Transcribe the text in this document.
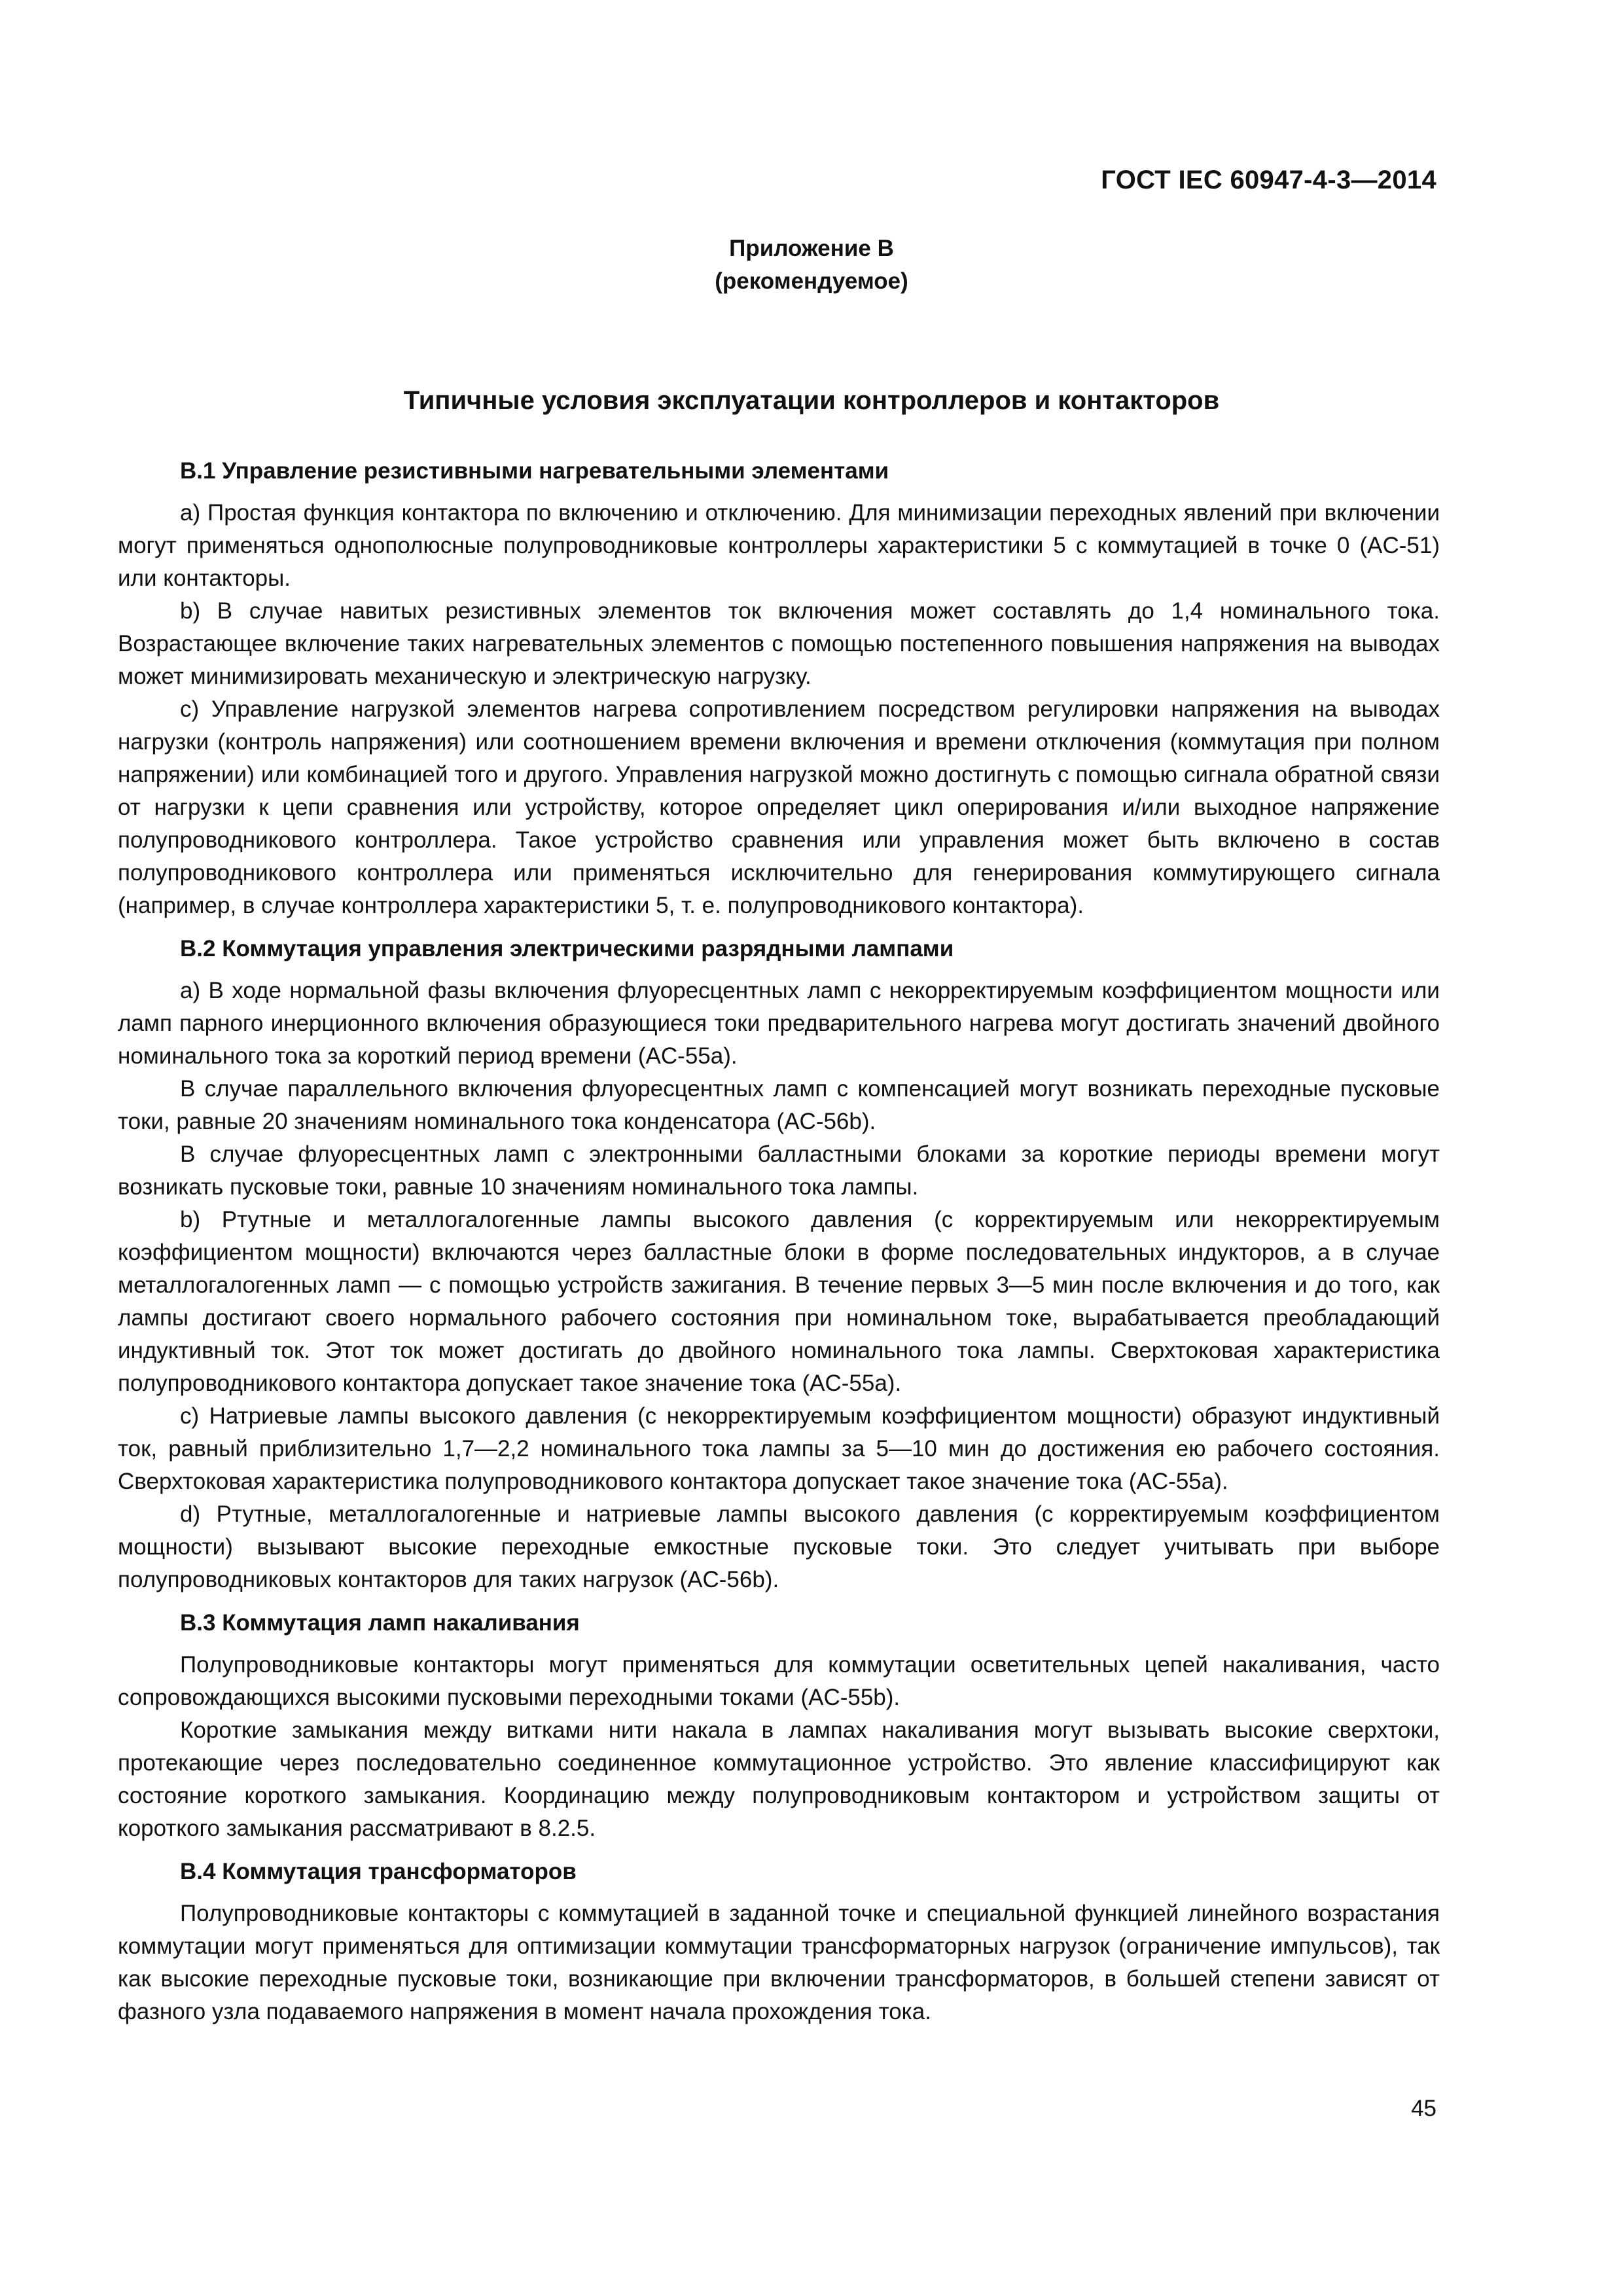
ГОСТ IEC 60947-4-3—2014
Приложение В
(рекомендуемое)
Типичные условия эксплуатации контроллеров и контакторов
В.1 Управление резистивными нагревательными элементами

a) Простая функция контактора по включению и отключению. Для минимизации переходных явлений при включении могут применяться однополюсные полупроводниковые контроллеры характеристики 5 с коммутацией в точке 0 (AC-51) или контакторы.

b) В случае навитых резистивных элементов ток включения может составлять до 1,4 номинального тока. Возрастающее включение таких нагревательных элементов с помощью постепенного повышения напряжения на выводах может минимизировать механическую и электрическую нагрузку.

c) Управление нагрузкой элементов нагрева сопротивлением посредством регулировки напряжения на выводах нагрузки (контроль напряжения) или соотношением времени включения и времени отключения (коммутация при полном напряжении) или комбинацией того и другого. Управления нагрузкой можно достигнуть с помощью сигнала обратной связи от нагрузки к цепи сравнения или устройству, которое определяет цикл оперирования и/или выходное напряжение полупроводникового контроллера. Такое устройство сравнения или управления может быть включено в состав полупроводникового контроллера или применяться исключительно для генерирования коммутирующего сигнала (например, в случае контроллера характеристики 5, т. е. полупроводникового контактора).

В.2 Коммутация управления электрическими разрядными лампами

a) В ходе нормальной фазы включения флуоресцентных ламп с некорректируемым коэффициентом мощности или ламп парного инерционного включения образующиеся токи предварительного нагрева могут достигать значений двойного номинального тока за короткий период времени (AC-55a).

В случае параллельного включения флуоресцентных ламп с компенсацией могут возникать переходные пусковые токи, равные 20 значениям номинального тока конденсатора (AC-56b).

В случае флуоресцентных ламп с электронными балластными блоками за короткие периоды времени могут возникать пусковые токи, равные 10 значениям номинального тока лампы.

b) Ртутные и металлогалогенные лампы высокого давления (с корректируемым или некорректируемым коэффициентом мощности) включаются через балластные блоки в форме последовательных индукторов, а в случае металлогалогенных ламп — с помощью устройств зажигания. В течение первых 3—5 мин после включения и до того, как лампы достигают своего нормального рабочего состояния при номинальном токе, вырабатывается преобладающий индуктивный ток. Этот ток может достигать до двойного номинального тока лампы. Сверхтоковая характеристика полупроводникового контактора допускает такое значение тока (AC-55a).

c) Натриевые лампы высокого давления (с некорректируемым коэффициентом мощности) образуют индуктивный ток, равный приблизительно 1,7—2,2 номинального тока лампы за 5—10 мин до достижения ею рабочего состояния. Сверхтоковая характеристика полупроводникового контактора допускает такое значение тока (AC-55a).

d) Ртутные, металлогалогенные и натриевые лампы высокого давления (с корректируемым коэффициентом мощности) вызывают высокие переходные емкостные пусковые токи. Это следует учитывать при выборе полупроводниковых контакторов для таких нагрузок (AC-56b).

В.3 Коммутация ламп накаливания

Полупроводниковые контакторы могут применяться для коммутации осветительных цепей накаливания, часто сопровождающихся высокими пусковыми переходными токами (AC-55b).

Короткие замыкания между витками нити накала в лампах накаливания могут вызывать высокие сверхтоки, протекающие через последовательно соединенное коммутационное устройство. Это явление классифицируют как состояние короткого замыкания. Координацию между полупроводниковым контактором и устройством защиты от короткого замыкания рассматривают в 8.2.5.

В.4 Коммутация трансформаторов

Полупроводниковые контакторы с коммутацией в заданной точке и специальной функцией линейного возрастания коммутации могут применяться для оптимизации коммутации трансформаторных нагрузок (ограничение импульсов), так как высокие переходные пусковые токи, возникающие при включении трансформаторов, в большей степени зависят от фазного узла подаваемого напряжения в момент начала прохождения тока.

45
